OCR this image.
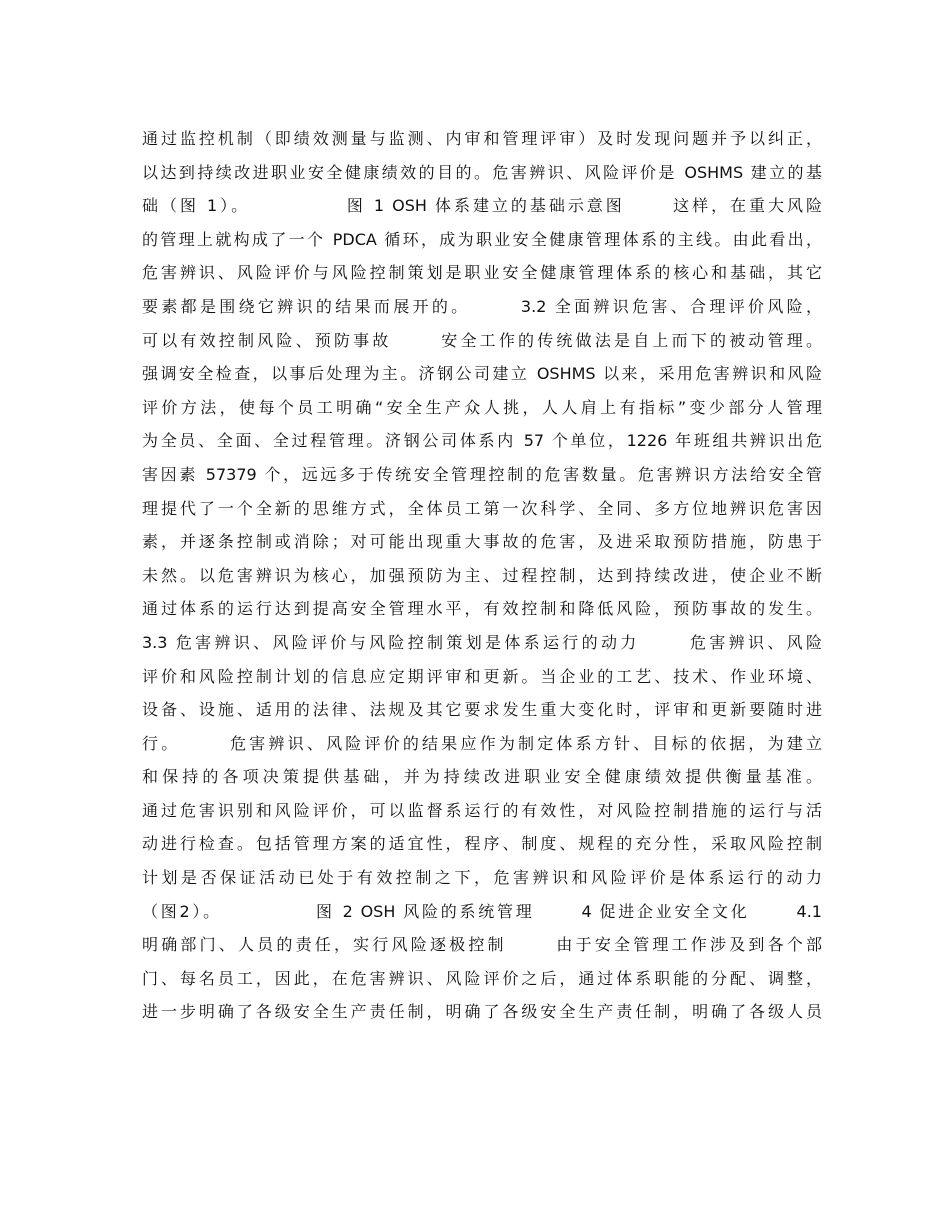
通过监控机制（即绩效测量与监测、内审和管理评审）及时发现问题并予以纠正，
以达到持续改进职业安全健康绩效的目的。危害辨识、风险评价是 OSHMS 建立的基
础（图 1）。            图 1 OSH 体系建立的基础示意图      这样，在重大风险
的管理上就构成了一个 PDCA 循环，成为职业安全健康管理体系的主线。由此看出，
危害辨识、风险评价与风险控制策划是职业安全健康管理体系的核心和基础，其它
要素都是围绕它辨识的结果而展开的。      3.2 全面辨识危害、合理评价风险，
可以有效控制风险、预防事故      安全工作的传统做法是自上而下的被动管理。
强调安全检查，以事后处理为主。济钢公司建立 OSHMS 以来，采用危害辨识和风险
评价方法，使每个员工明确“安全生产众人挑，人人肩上有指标”变少部分人管理
为全员、全面、全过程管理。济钢公司体系内 57 个单位，1226 年班组共辨识出危
害因素 57379 个，远远多于传统安全管理控制的危害数量。危害辨识方法给安全管
理提代了一个全新的思维方式，全体员工第一次科学、全同、多方位地辨识危害因
素，并逐条控制或消除；对可能出现重大事故的危害，及进采取预防措施，防患于
未然。以危害辨识为核心，加强预防为主、过程控制，达到持续改进，使企业不断
通过体系的运行达到提高安全管理水平，有效控制和降低风险，预防事故的发生。
3.3 危害辨识、风险评价与风险控制策划是体系运行的动力      危害辨识、风险
评价和风险控制计划的信息应定期评审和更新。当企业的工艺、技术、作业环境、
设备、设施、适用的法律、法规及其它要求发生重大变化时，评审和更新要随时进
行。      危害辨识、风险评价的结果应作为制定体系方针、目标的依据，为建立
和保持的各项决策提供基础，并为持续改进职业安全健康绩效提供衡量基准。
通过危害识别和风险评价，可以监督系运行的有效性，对风险控制措施的运行与活
动进行检查。包括管理方案的适宜性，程序、制度、规程的充分性，采取风险控制
计划是否保证活动已处于有效控制之下，危害辨识和风险评价是体系运行的动力
（图2）。            图 2 OSH 风险的系统管理      4 促进企业安全文化      4.1
明确部门、人员的责任，实行风险逐极控制      由于安全管理工作涉及到各个部
门、每名员工，因此，在危害辨识、风险评价之后，通过体系职能的分配、调整，
进一步明确了各级安全生产责任制，明确了各级安全生产责任制，明确了各级人员
